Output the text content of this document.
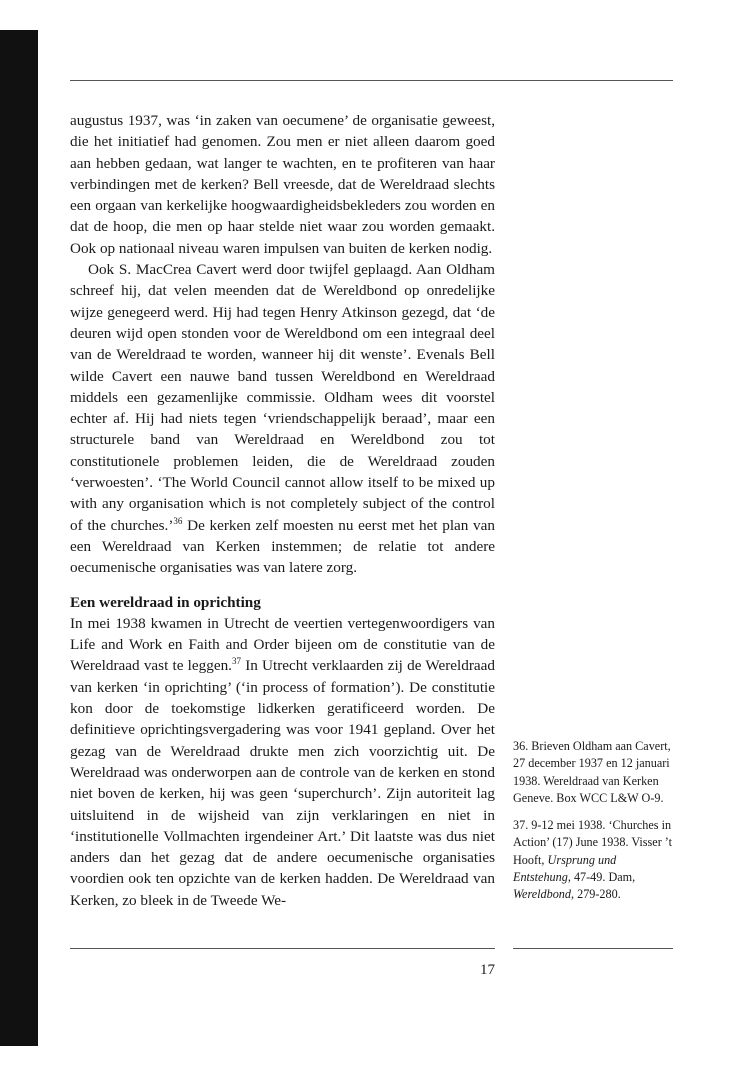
augustus 1937, was ‘in zaken van oecumene’ de organisatie geweest, die het initiatief had genomen. Zou men er niet alleen daarom goed aan hebben gedaan, wat langer te wachten, en te profiteren van haar verbindingen met de kerken? Bell vreesde, dat de Wereldraad slechts een orgaan van kerkelijke hoogwaardigheidsbekleders zou worden en dat de hoop, die men op haar stelde niet waar zou worden gemaakt. Ook op nationaal niveau waren impulsen van buiten de kerken nodig.

Ook S. MacCrea Cavert werd door twijfel geplaagd. Aan Oldham schreef hij, dat velen meenden dat de Wereldbond op onredelijke wijze genegeerd werd. Hij had tegen Henry Atkinson gezegd, dat ‘de deuren wijd open stonden voor de Wereldbond om een integraal deel van de Wereldraad te worden, wanneer hij dit wenste’. Evenals Bell wilde Cavert een nauwe band tussen Wereldbond en Wereldraad middels een gezamenlijke commissie. Oldham wees dit voorstel echter af. Hij had niets tegen ‘vriendschappelijk beraad’, maar een structurele band van Wereldraad en Wereldbond zou tot constitutionele problemen leiden, die de Wereldraad zouden ‘verwoesten’. ‘The World Council cannot allow itself to be mixed up with any organisation which is not completely subject of the control of the churches.’$^{36}$ De kerken zelf moesten nu eerst met het plan van een Wereldraad van Kerken instemmen; de relatie tot andere oecumenische organisaties was van latere zorg.

Een wereldraad in oprichting

In mei 1938 kwamen in Utrecht de veertien vertegenwoordigers van Life and Work en Faith and Order bijeen om de constitutie van de Wereldraad vast te leggen.$^{37}$ In Utrecht verklaarden zij de Wereldraad van kerken ‘in oprichting’ (‘in process of formation’). De constitutie kon door de toekomstige lidkerken geratificeerd worden. De definitieve oprichtingsvergadering was voor 1941 gepland. Over het gezag van de Wereldraad drukte men zich voorzichtig uit. De Wereldraad was onderworpen aan de controle van de kerken en stond niet boven de kerken, hij was geen ‘superchurch’. Zijn autoriteit lag uitsluitend in de wijsheid van zijn verklaringen en niet in ‘institutionelle Vollmachten irgendeiner Art.’ Dit laatste was dus niet anders dan het gezag dat de andere oecumenische organisaties voordien ook ten opzichte van de kerken hadden. De Wereldraad van Kerken, zo bleek in de Tweede We-

36. Brieven Oldham aan Cavert, 27 december 1937 en 12 januari 1938. Wereldraad van Kerken Geneve. Box WCC L&W O-9.

37. 9-12 mei 1938. ‘Churches in Action’ (17) June 1938. Visser ’t Hooft, Ursprung und Entstehung, 47-49. Dam, Wereldbond, 279-280.

17
